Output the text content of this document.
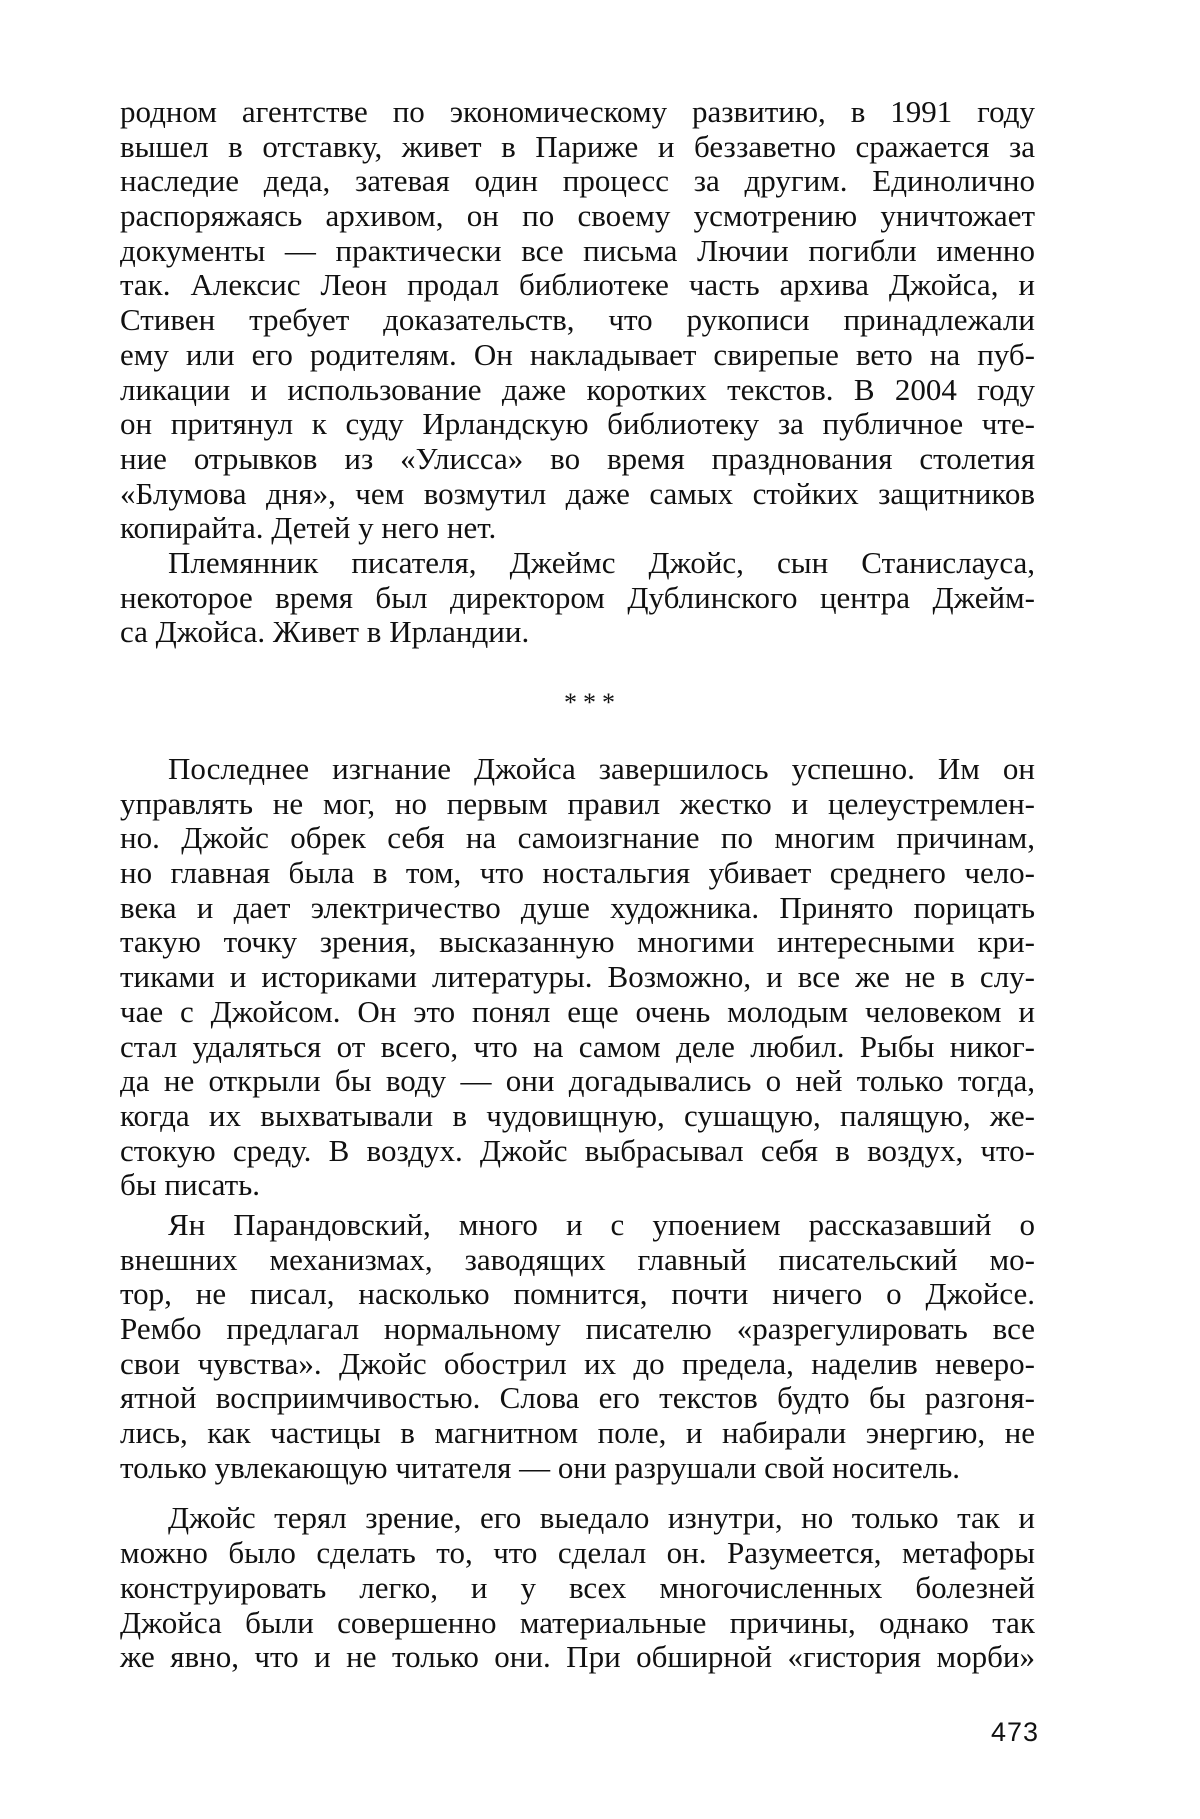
родном агентстве по экономическому развитию, в 1991 году
вышел в отставку, живет в Париже и беззаветно сражается за
наследие деда, затевая один процесс за другим. Единолично
распоряжаясь архивом, он по своему усмотрению уничтожает
документы — практически все письма Лючии погибли именно
так. Алексис Леон продал библиотеке часть архива Джойса, и
Стивен требует доказательств, что рукописи принадлежали
ему или его родителям. Он накладывает свирепые вето на пуб-
ликации и использование даже коротких текстов. В 2004 году
он притянул к суду Ирландскую библиотеку за публичное чте-
ние отрывков из «Улисса» во время празднования столетия
«Блумова дня», чем возмутил даже самых стойких защитников
копирайта. Детей у него нет.
Племянник писателя, Джеймс Джойс, сын Станислауса,
некоторое время был директором Дублинского центра Джейм-
са Джойса. Живет в Ирландии.
***
Последнее изгнание Джойса завершилось успешно. Им он
управлять не мог, но первым правил жестко и целеустремлен-
но. Джойс обрек себя на самоизгнание по многим причинам,
но главная была в том, что ностальгия убивает среднего чело-
века и дает электричество душе художника. Принято порицать
такую точку зрения, высказанную многими интересными кри-
тиками и историками литературы. Возможно, и все же не в слу-
чае с Джойсом. Он это понял еще очень молодым человеком и
стал удаляться от всего, что на самом деле любил. Рыбы никог-
да не открыли бы воду — они догадывались о ней только тогда,
когда их выхватывали в чудовищную, сушащую, палящую, же-
стокую среду. В воздух. Джойс выбрасывал себя в воздух, что-
бы писать.
Ян Парандовский, много и с упоением рассказавший о
внешних механизмах, заводящих главный писательский мо-
тор, не писал, насколько помнится, почти ничего о Джойсе.
Рембо предлагал нормальному писателю «разрегулировать все
свои чувства». Джойс обострил их до предела, наделив неверо-
ятной восприимчивостью. Слова его текстов будто бы разгоня-
лись, как частицы в магнитном поле, и набирали энергию, не
только увлекающую читателя — они разрушали свой носитель.
Джойс терял зрение, его выедало изнутри, но только так и
можно было сделать то, что сделал он. Разумеется, метафоры
конструировать легко, и у всех многочисленных болезней
Джойса были совершенно материальные причины, однако так
же явно, что и не только они. При обширной «гистория морби»
473
